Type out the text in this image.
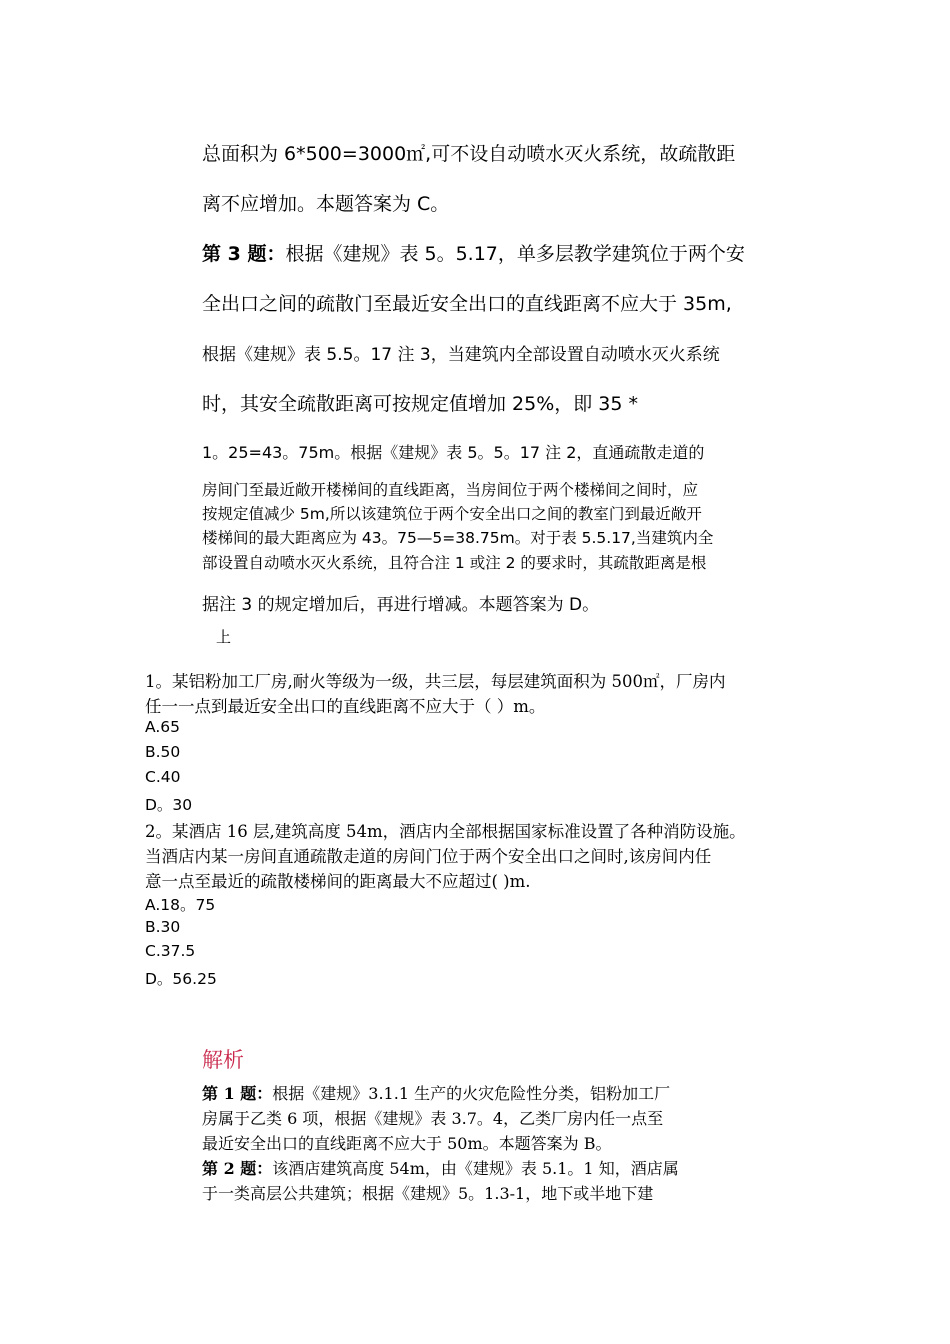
总面积为 6*500=3000㎡,可不设自动喷水灭火系统，故疏散距
离不应增加。本题答案为 C。
第 3 题：根据《建规》表 5。5.17，单多层教学建筑位于两个安
全出口之间的疏散门至最近安全出口的直线距离不应大于 35m,
根据《建规》表 5.5。17 注 3，当建筑内全部设置自动喷水灭火系统
时，其安全疏散距离可按规定值增加 25%，即 35 *
1。25=43。75m。根据《建规》表 5。5。17 注 2，直通疏散走道的
房间门至最近敞开楼梯间的直线距离，当房间位于两个楼梯间之间时，应
按规定值减少 5m,所以该建筑位于两个安全出口之间的教室门到最近敞开
楼梯间的最大距离应为 43。75—5=38.75m。对于表 5.5.17,当建筑内全
部设置自动喷水灭火系统，且符合注 1 或注 2 的要求时，其疏散距离是根
据注 3 的规定增加后，再进行增减。本题答案为 D。
上
1。某铝粉加工厂房,耐火等级为一级，共三层，每层建筑面积为 500㎡，厂房内
任一一点到最近安全出口的直线距离不应大于（ ）m。
A.65
B.50
C.40
D。30
2。某酒店 16 层,建筑高度 54m，酒店内全部根据国家标准设置了各种消防设施。
当酒店内某一房间直通疏散走道的房间门位于两个安全出口之间时,该房间内任
意一点至最近的疏散楼梯间的距离最大不应超过( )m.
A.18。75
B.30
C.37.5
D。56.25
解析
第 1 题：根据《建规》3.1.1 生产的火灾危险性分类，铝粉加工厂
房属于乙类 6 项，根据《建规》表 3.7。4，乙类厂房内任一点至
最近安全出口的直线距离不应大于 50m。本题答案为 B。
第 2 题：该酒店建筑高度 54m，由《建规》表 5.1。1 知，酒店属
于一类高层公共建筑；根据《建规》5。1.3-1，地下或半地下建
